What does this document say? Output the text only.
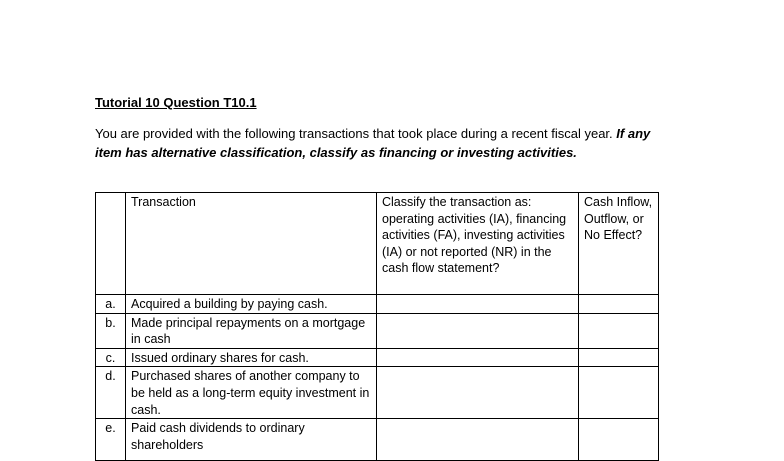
Tutorial 10 Question T10.1
You are provided with the following transactions that took place during a recent fiscal year. If any item has alternative classification, classify as financing or investing activities.
	Transaction	Classify the transaction as: operating activities (IA), financing activities (FA), investing activities (IA) or not reported (NR) in the cash flow statement?	Cash Inflow, Outflow, or No Effect?
a.	Acquired a building by paying cash.		
b.	Made principal repayments on a mortgage in cash		
c.	Issued ordinary shares for cash.		
d.	Purchased shares of another company to be held as a long-term equity investment in cash.		
e.	Paid cash dividends to ordinary shareholders		
